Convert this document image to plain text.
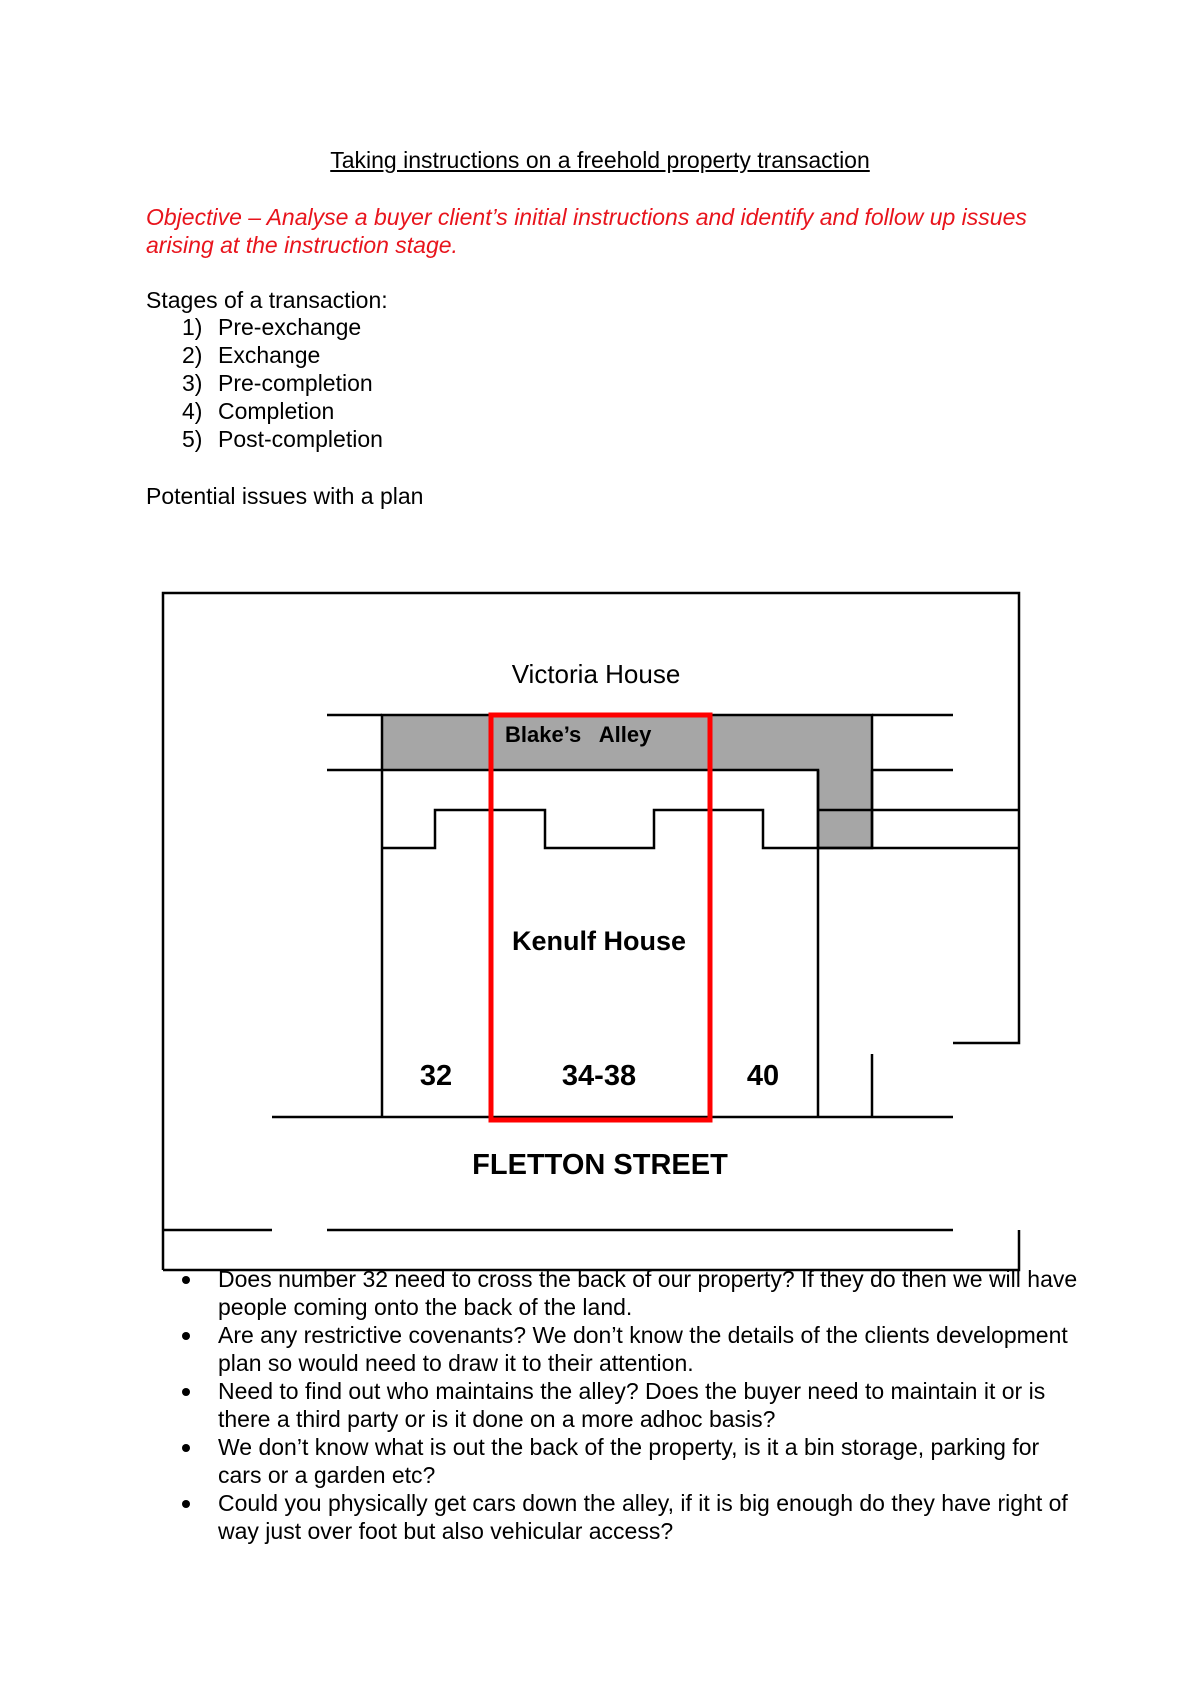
Taking instructions on a freehold property transaction
Objective – Analyse a buyer client’s initial instructions and identify and follow up issues arising at the instruction stage.
Stages of a transaction:
1) Pre-exchange
2) Exchange
3) Pre-completion
4) Completion
5) Post-completion
Potential issues with a plan
Victoria House
Blake’s   Alley
Kenulf House
32	34-38	40
FLETTON STREET
Does number 32 need to cross the back of our property? If they do then we will have people coming onto the back of the land.
Are any restrictive covenants? We don’t know the details of the clients development plan so would need to draw it to their attention.
Need to find out who maintains the alley? Does the buyer need to maintain it or is there a third party or is it done on a more adhoc basis?
We don’t know what is out the back of the property, is it a bin storage, parking for cars or a garden etc?
Could you physically get cars down the alley, if it is big enough do they have right of way just over foot but also vehicular access?
